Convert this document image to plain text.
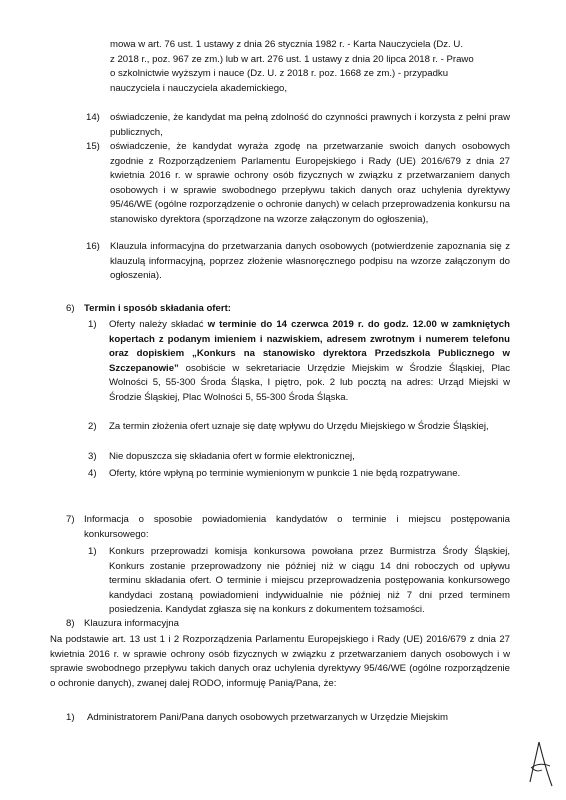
mowa w art. 76 ust. 1 ustawy z dnia 26 stycznia 1982 r. - Karta Nauczyciela (Dz. U.

z 2018 r., poz. 967 ze zm.) lub w art. 276 ust. 1 ustawy z dnia 20 lipca 2018 r. - Prawo

o szkolnictwie wyższym i nauce (Dz. U. z 2018 r. poz. 1668 ze zm.) - przypadku

nauczyciela i nauczyciela akademickiego,

14) oświadczenie, że kandydat ma pełną zdolność do czynności prawnych i korzysta z pełni praw publicznych,
15) oświadczenie, że kandydat wyraża zgodę na przetwarzanie swoich danych osobowych zgodnie z Rozporządzeniem Parlamentu Europejskiego i Rady (UE) 2016/679 z dnia 27 kwietnia 2016 r. w sprawie ochrony osób fizycznych w związku z przetwarzaniem danych osobowych i w sprawie swobodnego przepływu takich danych oraz uchylenia dyrektywy 95/46/WE (ogólne rozporządzenie o ochronie danych) w celach przeprowadzenia konkursu na stanowisko dyrektora (sporządzone na wzorze załączonym do ogłoszenia),
16) Klauzula informacyjna do przetwarzania danych osobowych (potwierdzenie zapoznania się z klauzulą informacyjną, poprzez złożenie własnoręcznego podpisu na wzorze załączonym do ogłoszenia).
6) Termin i sposób składania ofert:
1) Oferty należy składać w terminie do 14 czerwca 2019 r. do godz. 12.00 w zamkniętych kopertach z podanym imieniem i nazwiskiem, adresem zwrotnym i numerem telefonu oraz dopiskiem „Konkurs na stanowisko dyrektora Przedszkola Publicznego w Szczepanowie” osobiście w sekretariacie Urzędzie Miejskim w Środzie Śląskiej, Plac Wolności 5, 55-300 Środa Śląska, I piętro, pok. 2 lub pocztą na adres: Urząd Miejski w Środzie Śląskiej, Plac Wolności 5, 55-300 Środa Śląska.
2) Za termin złożenia ofert uznaje się datę wpływu do Urzędu Miejskiego w Środzie Śląskiej,
3) Nie dopuszcza się składania ofert w formie elektronicznej,
4) Oferty, które wpłyną po terminie wymienionym w punkcie 1 nie będą rozpatrywane.
7) Informacja o sposobie powiadomienia kandydatów o terminie i miejscu postępowania konkursowego:
1) Konkurs przeprowadzi komisja konkursowa powołana przez Burmistrza Środy Śląskiej, Konkurs zostanie przeprowadzony nie później niż w ciągu 14 dni roboczych od upływu terminu składania ofert. O terminie i miejscu przeprowadzenia postępowania konkursowego kandydaci zostaną powiadomieni indywidualnie nie później niż 7 dni przed terminem posiedzenia. Kandydat zgłasza się na konkurs z dokumentem tożsamości.
8) Klauzura informacyjna
Na podstawie art. 13 ust 1 i 2 Rozporządzenia Parlamentu Europejskiego i Rady (UE) 2016/679 z dnia 27 kwietnia 2016 r. w sprawie ochrony osób fizycznych w związku z przetwarzaniem danych osobowych i w sprawie swobodnego przepływu takich danych oraz uchylenia dyrektywy 95/46/WE (ogólne rozporządzenie o ochronie danych), zwanej dalej RODO, informuję Panią/Pana, że:
1) Administratorem Pani/Pana danych osobowych przetwarzanych w Urzędzie Miejskim
